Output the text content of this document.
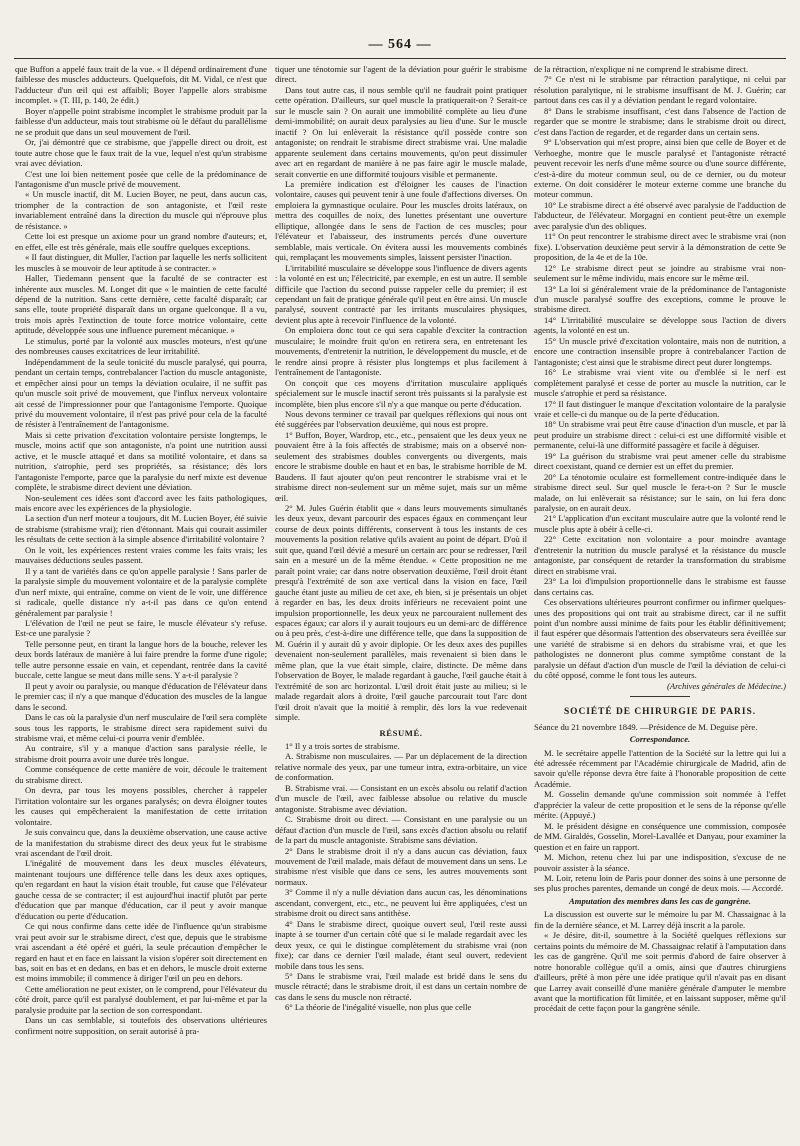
— 564 —

que Buffon a appelé faux trait de la vue. « Il dépend ordinairement d'une faiblesse des muscles adducteurs. Quelquefois, dit M. Vidal, ce n'est que l'adducteur d'un œil qui est affaibli; Boyer l'appelle alors strabisme incomplet. » (T. III, p. 140, 2e édit.)

Boyer n'appelle point strabisme incomplet le strabisme produit par la faiblesse d'un adducteur, mais tout strabisme où le défaut du parallélisme ne se produit que dans un seul mouvement de l'œil.

Or, j'ai démontré que ce strabisme, que j'appelle direct ou droit, est toute autre chose que le faux trait de la vue, lequel n'est qu'un strabisme vrai avec déviation.

C'est une loi bien nettement posée que celle de la prédominance de l'antagonisme d'un muscle privé de mouvement.

« Un muscle inactif, dit M. Lucien Boyer, ne peut, dans aucun cas, triompher de la contraction de son antagoniste, et l'œil reste invariablement entraîné dans la direction du muscle qui n'éprouve plus de résistance. »

Cette loi est presque un axiome pour un grand nombre d'auteurs; et, en effet, elle est très générale, mais elle souffre quelques exceptions.

« Il faut distinguer, dit Muller, l'action par laquelle les nerfs sollicitent les muscles à se mouvoir de leur aptitude à se contracter. »

Haller, Tiedemann pensent que la faculté de se contracter est inhérente aux muscles. M. Longet dit que « le maintien de cette faculté dépend de la nutrition. Sans cette dernière, cette faculté disparaît; car sans elle, toute propriété disparaît dans un organe quelconque. Il a vu, trois mois après l'extinction de toute force motrice volontaire, cette aptitude, développée sous une influence purement mécanique. »

Le stimulus, porté par la volonté aux muscles moteurs, n'est qu'une des nombreuses causes excitatrices de leur irritabilité.

Indépendamment de la seule tonicité du muscle paralysé, qui pourra, pendant un certain temps, contrebalancer l'action du muscle antagoniste, et empêcher ainsi pour un temps la déviation oculaire, il ne suffit pas qu'un muscle soit privé de mouvement, que l'influx nerveux volontaire ait cessé de l'impressionner pour que l'antagonisme l'emporte. Quoique privé du mouvement volontaire, il n'est pas privé pour cela de la faculté de résister à l'entraînement de l'antagonisme.

Mais si cette privation d'excitation volontaire persiste longtemps, le muscle, moins actif que son antagoniste, n'a point une nutrition aussi active, et le muscle attaqué et dans sa motilité volontaire, et dans sa nutrition, s'atrophie, perd ses propriétés, sa résistance; dès lors l'antagoniste l'emporte, parce que la paralysie du nerf mixte est devenue complète, le strabisme direct devient une déviation.

Non-seulement ces idées sont d'accord avec les faits pathologiques, mais encore avec les expériences de la physiologie.

La section d'un nerf moteur a toujours, dit M. Lucien Boyer, été suivie de strabisme (strabisme vrai); rien d'étonnant. Mais qui courait assimiler les résultats de cette section à la simple absence d'irritabilité volontaire ?

On le voit, les expériences restent vraies comme les faits vrais; les mauvaises déductions seules passent.

Il y a tant de variétés dans ce qu'on appelle paralysie ! Sans parler de la paralysie simple du mouvement volontaire et de la paralysie complète d'un nerf mixte, qui entraîne, comme on vient de le voir, une différence si radicale, quelle distance n'y a-t-il pas dans ce qu'on entend généralement par paralysie !

L'élévation de l'œil ne peut se faire, le muscle élévateur s'y refuse. Est-ce une paralysie ?

Telle personne peut, en tirant la langue hors de la bouche, relever les deux bords latéraux de manière à lui faire prendre la forme d'une rigole; telle autre personne essaie en vain, et cependant, rentrée dans la cavité buccale, cette langue se meut dans mille sens. Y a-t-il paralysie ?

Il peut y avoir ou paralysie, ou manque d'éducation de l'élévateur dans le premier cas; il n'y a que manque d'éducation des muscles de la langue dans le second.

Dans le cas où la paralysie d'un nerf musculaire de l'œil sera complète sous tous les rapports, le strabisme direct sera rapidement suivi du strabisme vrai, et même celui-ci pourra venir d'emblée.

Au contraire, s'il y a manque d'action sans paralysie réelle, le strabisme droit pourra avoir une durée très longue.

Comme conséquence de cette manière de voir, découle le traitement du strabisme direct.

On devra, par tous les moyens possibles, chercher à rappeler l'irritation volontaire sur les organes paralysés; on devra éloigner toutes les causes qui empêcheraient la manifestation de cette irritation volontaire.

Je suis convaincu que, dans la deuxième observation, une cause active de la manifestation du strabisme direct des deux yeux fut le strabisme vrai ascendant de l'œil droit.

L'inégalité de mouvement dans les deux muscles élévateurs, maintenant toujours une différence telle dans les deux axes optiques, qu'en regardant en haut la vision était trouble, fut cause que l'élévateur gauche cessa de se contracter; il est aujourd'hui inactif plutôt par perte d'éducation que par manque d'éducation, car il peut y avoir manque d'éducation ou perte d'éducation.

Ce qui nous confirme dans cette idée de l'influence qu'un strabisme vrai peut avoir sur le strabisme direct, c'est que, depuis que le strabisme vrai ascendant a été opéré et guéri, la seule précaution d'empêcher le regard en haut et en face en laissant la vision s'opérer soit directement en bas, soit en bas et en dedans, en bas et en dehors, le muscle droit externe est moins immobile; il commence à diriger l'œil un peu en dehors.

Cette amélioration ne peut exister, on le comprend, pour l'élévateur du côté droit, parce qu'il est paralysé doublement, et par lui-même et par la paralysie produite par la section de son correspondant.

Dans un cas semblable, si toutefois des observations ultérieures confirment notre supposition, on serait autorisé à pra-

tiquer une ténotomie sur l'agent de la déviation pour guérir le strabisme direct.

Dans tout autre cas, il nous semble qu'il ne faudrait point pratiquer cette opération. D'ailleurs, sur quel muscle la pratiquerait-on ? Serait-ce sur le muscle sain ? On aurait une immobilité complète au lieu d'une demi-immobilité; on aurait deux paralysies au lieu d'une. Sur le muscle inactif ? On lui enlèverait la résistance qu'il possède contre son antagoniste; on rendrait le strabisme direct strabisme vrai. Une maladie apparente seulement dans certains mouvements, qu'on peut dissimuler avec art en regardant de manière à ne pas faire agir le muscle malade, serait convertie en une difformité toujours visible et permanente.

La première indication est d'éloigner les causes de l'inaction volontaire, causes qui peuvent tenir à une foule d'affections diverses. On emploiera la gymnastique oculaire. Pour les muscles droits latéraux, on mettra des coquilles de noix, des lunettes présentant une ouverture elliptique, allongée dans le sens de l'action de ces muscles; pour l'élévateur et l'abaisseur, des instruments percés d'une ouverture semblable, mais verticale. On évitera aussi les mouvements combinés qui, remplaçant les mouvements simples, laissent persister l'inaction.

L'irritabilité musculaire se développe sous l'influence de divers agents : la volonté en est un; l'électricité, par exemple, en est un autre. Il semble difficile que l'action du second puisse rappeler celle du premier; il est cependant un fait de pratique générale qu'il peut en être ainsi. Un muscle paralysé, souvent contracté par les irritants musculaires physiques, devient plus apte à recevoir l'influence de la volonté.

On emploiera donc tout ce qui sera capable d'exciter la contraction musculaire; le moindre fruit qu'on en retirera sera, en entretenant les mouvements, d'entretenir la nutrition, le développement du muscle, et de le rendre ainsi propre à résister plus longtemps et plus facilement à l'entraînement de l'antagoniste.

On conçoit que ces moyens d'irritation musculaire appliqués spécialement sur le muscle inactif seront très puissants si la paralysie est incomplète, bien plus encore s'il n'y a que manque ou perte d'éducation.

Nous devons terminer ce travail par quelques réflexions qui nous ont été suggérées par l'observation deuxième, qui nous est propre.

1° Buffon, Boyer, Wardrop, etc., etc., pensaient que les deux yeux ne pouvaient être à la fois affectés de strabisme; mais on a observé non-seulement des strabismes doubles convergents ou divergents, mais encore le strabisme double en haut et en bas, le strabisme horrible de M. Baudens. Il faut ajouter qu'on peut rencontrer le strabisme vrai et le strabisme direct non-seulement sur un même sujet, mais sur un même œil.

2° M. Jules Guérin établit que « dans leurs mouvements simultanés les deux yeux, devant parcourir des espaces égaux en commençant leur course de deux points différents, conservent à tous les instants de ces mouvements la position relative qu'ils avaient au point de départ. D'où il suit que, quand l'œil dévié a mesuré un certain arc pour se redresser, l'œil sain en a mesuré un de la même étendue. « Cette proposition ne me paraît point vraie; car dans notre observation deuxième, l'œil droit étant presqu'à l'extrémité de son axe vertical dans la vision en face, l'œil gauche étant juste au milieu de cet axe, eh bien, si je présentais un objet à regarder en bas, les deux droits inférieurs ne recevaient point une impulsion proportionnelle, les deux yeux ne parcouraient nullement des espaces égaux; car alors il y aurait toujours eu un demi-arc de différence ou à peu près, c'est-à-dire une différence telle, que dans la supposition de M. Guérin il y aurait dû y avoir diplopie. Or les deux axes des pupilles devenaient non-seulement parallèles, mais revenaient si bien dans le même plan, que la vue était simple, claire, distincte. De même dans l'observation de Boyer, le malade regardant à gauche, l'œil gauche était à l'extrémité de son arc horizontal. L'œil droit était juste au milieu; si le malade regardait alors à droite, l'œil gauche parcourait tout l'arc dont l'œil droit n'avait que la moitié à remplir, dès lors la vue redevenait simple.

RÉSUMÉ.

1° Il y a trois sortes de strabisme.

A. Strabisme non musculaires. — Par un déplacement de la direction relative normale des yeux, par une tumeur intra, extra-orbitaire, un vice de conformation.

B. Strabisme vrai. — Consistant en un excès absolu ou relatif d'action d'un muscle de l'œil, avec faiblesse absolue ou relative du muscle antagoniste. Strabisme avec déviation.

C. Strabisme droit ou direct. — Consistant en une paralysie ou un défaut d'action d'un muscle de l'œil, sans excès d'action absolu ou relatif de la part du muscle antagoniste. Strabisme sans déviation.

2° Dans le strabisme droit il n'y a dans aucun cas déviation, faux mouvement de l'œil malade, mais défaut de mouvement dans un sens. Le strabisme n'est visible que dans ce sens, les autres mouvements sont normaux.

3° Comme il n'y a nulle déviation dans aucun cas, les dénominations ascendant, convergent, etc., etc., ne peuvent lui être appliquées, c'est un strabisme droit ou direct sans antithèse.

4° Dans le strabisme direct, quoique ouvert seul, l'œil reste aussi inapte à se tourner d'un certain côté que si le malade regardait avec les deux yeux, ce qui le distingue complètement du strabisme vrai (non fixe); car dans ce dernier l'œil malade, étant seul ouvert, redevient mobile dans tous les sens.

5° Dans le strabisme vrai, l'œil malade est bridé dans le sens du muscle rétracté; dans le strabisme droit, il est dans un certain nombre de cas dans le sens du muscle non rétracté.

6° La théorie de l'inégalité visuelle, non plus que celle

de la rétraction, n'explique ni ne comprend le strabisme direct.

7° Ce n'est ni le strabisme par rétraction paralytique, ni celui par résolution paralytique, ni le strabisme insuffisant de M. J. Guérin; car partout dans ces cas il y a déviation pendant le regard volontaire.

8° Dans le strabisme insuffisant, c'est dans l'absence de l'action de regarder que se montre le strabisme; dans le strabisme droit ou direct, c'est dans l'action de regarder, et de regarder dans un certain sens.

9° L'observation qui m'est propre, ainsi bien que celle de Boyer et de Verhoeghe, montre que le muscle paralysé et l'antagoniste rétracté peuvent recevoir les nerfs d'une même source ou d'une source différente, c'est-à-dire du moteur commun seul, ou de ce dernier, ou du moteur externe. On doit considérer le moteur externe comme une branche du moteur commun.

10° Le strabisme direct a été observé avec paralysie de l'adduction de l'abducteur, de l'élévateur. Morgagni en contient peut-être un exemple avec paralysie d'un des obliques.

11° On peut rencontrer le strabisme direct avec le strabisme vrai (non fixe). L'observation deuxième peut servir à la démonstration de cette 9e proposition, de la 4e et de la 10e.

12° Le strabisme direct peut se joindre au strabisme vrai non-seulement sur le même individu, mais encore sur le même œil.

13° La loi si généralement vraie de la prédominance de l'antagoniste d'un muscle paralysé souffre des exceptions, comme le prouve le strabisme direct.

14° L'irritabilité musculaire se développe sous l'action de divers agents, la volonté en est un.

15° Un muscle privé d'excitation volontaire, mais non de nutrition, a encore une contraction insensible propre à contrebalancer l'action de l'antagoniste; c'est ainsi que le strabisme direct peut durer longtemps.

16° Le strabisme vrai vient vite ou d'emblée si le nerf est complètement paralysé et cesse de porter au muscle la nutrition, car le muscle s'atrophie et perd sa résistance.

17° Il faut distinguer le manque d'excitation volontaire de la paralysie vraie et celle-ci du manque ou de la perte d'éducation.

18° Un strabisme vrai peut être cause d'inaction d'un muscle, et par là peut produire un strabisme direct : celui-ci est une difformité visible et permanente, celui-là une difformité passagère et facile à déguiser.

19° La guérison du strabisme vrai peut amener celle du strabisme direct coexistant, quand ce dernier est un effet du premier.

20° La ténotomie oculaire est formellement contre-indiquée dans le strabisme direct seul. Sur quel muscle le fera-t-on ? Sur le muscle malade, on lui enlèverait sa résistance; sur le sain, on lui fera donc paralysie, on en aurait deux.

21° L'application d'un excitant musculaire autre que la volonté rend le muscle plus apte à obéir à celle-ci.

22° Cette excitation non volontaire a pour moindre avantage d'entretenir la nutrition du muscle paralysé et la résistance du muscle antagoniste, par conséquent de retarder la transformation du strabisme direct en strabisme vrai.

23° La loi d'impulsion proportionnelle dans le strabisme est fausse dans certains cas.

Ces observations ultérieures pourront confirmer ou infirmer quelques-unes des propositions qui ont trait au strabisme direct, car il ne suffit point d'un nombre aussi minime de faits pour les établir définitivement; il faut espérer que désormais l'attention des observateurs sera éveillée sur une variété de strabisme si en dehors du strabisme vrai, et que les pathologistes ne donneront plus comme symptôme constant de la paralysie un défaut d'action d'un muscle de l'œil la déviation de celui-ci du côté opposé, comme le font tous les auteurs.

(Archives générales de Médecine.)

SOCIÉTÉ DE CHIRURGIE DE PARIS.

Séance du 21 novembre 1849. —Présidence de M. Deguise père.

Correspondance.

M. le secrétaire appelle l'attention de la Société sur la lettre qui lui a été adressée récemment par l'Académie chirurgicale de Madrid, afin de savoir qu'elle réponse devra être faite à l'honorable proposition de cette Académie.

M. Gosselin demande qu'une commission soit nommée à l'effet d'apprécier la valeur de cette proposition et le sens de la réponse qu'elle mérite. (Appuyé.)

M. le président désigne en conséquence une commission, composée de MM. Giraldès, Gosselin, Morel-Lavallée et Danyau, pour examiner la question et en faire un rapport.

M. Michon, retenu chez lui par une indisposition, s'excuse de ne pouvoir assister à la séance.

M. Loir, retenu loin de Paris pour donner des soins à une personne de ses plus proches parentes, demande un congé de deux mois. — Accordé.

Amputation des membres dans les cas de gangrène.

La discussion est ouverte sur le mémoire lu par M. Chassaignac à la fin de la dernière séance, et M. Larrey déjà inscrit a la parole.

« Je désire, dit-il, soumettre à la Société quelques réflexions sur certains points du mémoire de M. Chassaignac relatif à l'amputation dans les cas de gangrène. Qu'il me soit permis d'abord de faire observer à notre honorable collègue qu'il a omis, ainsi que d'autres chirurgiens d'ailleurs, prêté à mon père une idée pratique qu'il n'avait pas en disant que Larrey avait conseillé d'une manière générale d'amputer le membre avant que la mortification fût limitée, et en laissant supposer, même qu'il procédait de cette façon pour la gangrène sénile.
